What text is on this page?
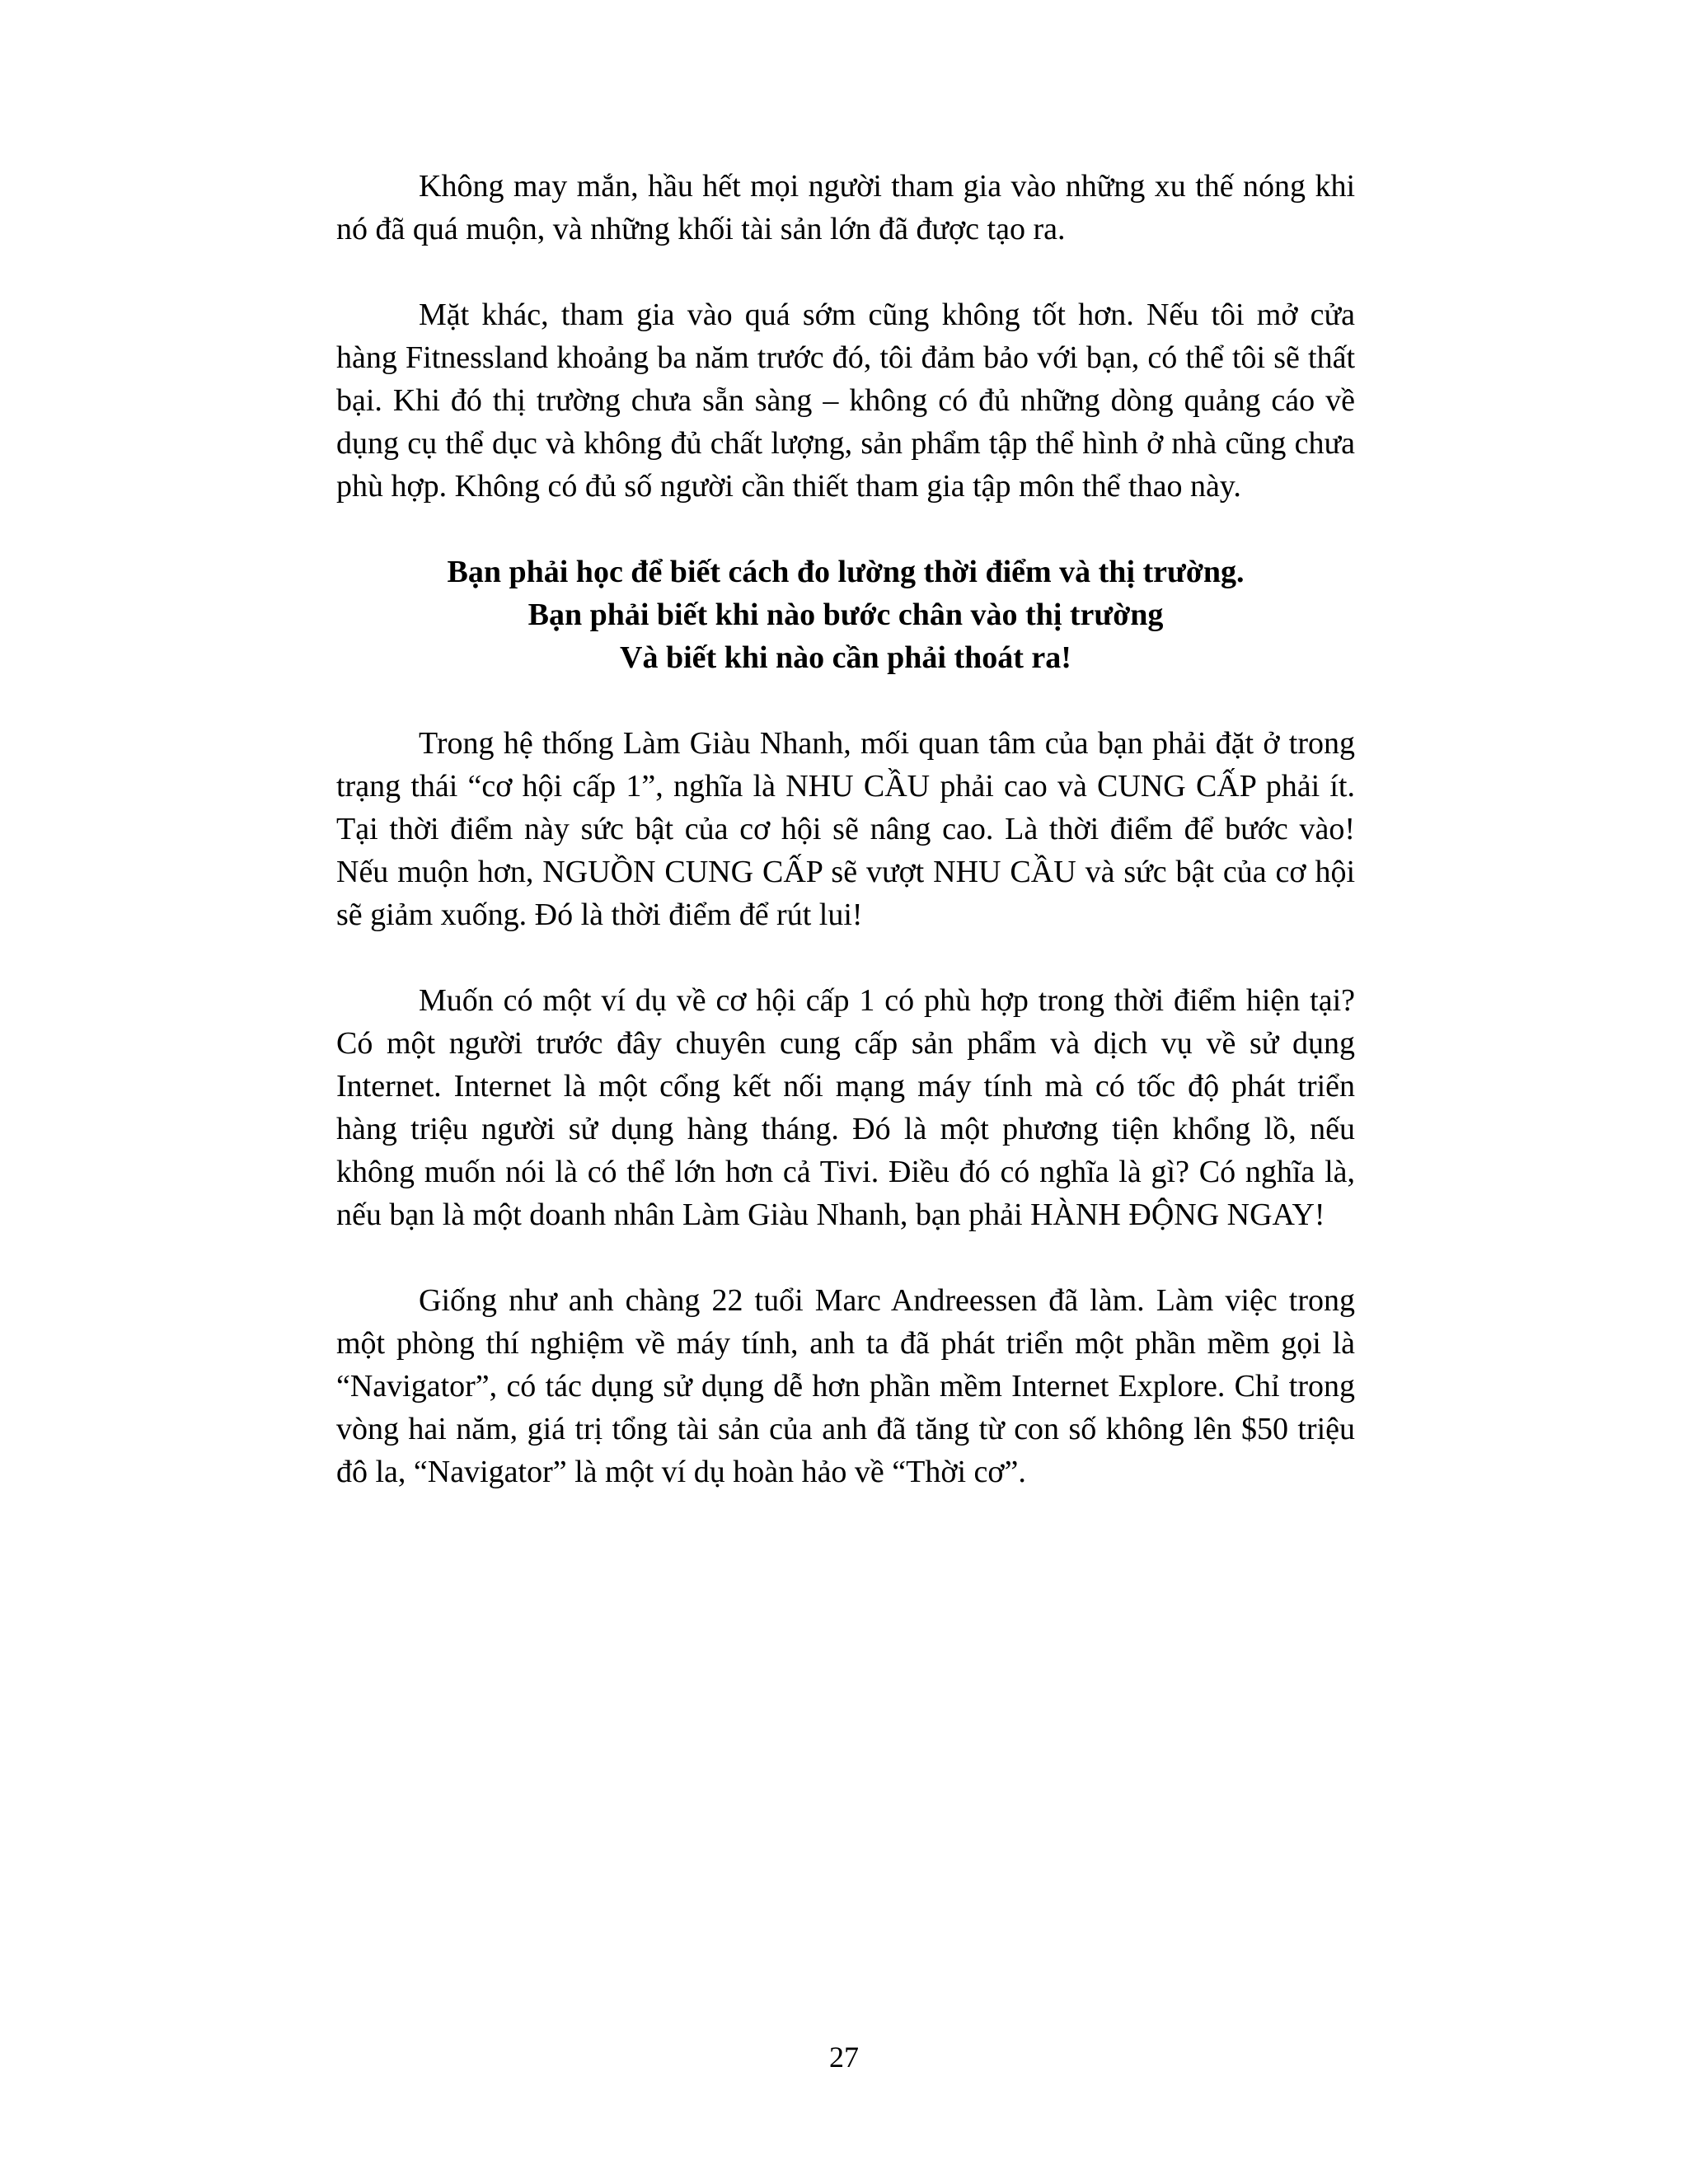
Không may mắn, hầu hết mọi người tham gia vào những xu thế nóng khi nó đã quá muộn, và những khối tài sản lớn đã được tạo ra.

Mặt khác, tham gia vào quá sớm cũng không tốt hơn. Nếu tôi mở cửa hàng Fitnessland khoảng ba năm trước đó, tôi đảm bảo với bạn, có thể tôi sẽ thất bại. Khi đó thị trường chưa sẵn sàng – không có đủ những dòng quảng cáo về dụng cụ thể dục và không đủ chất lượng, sản phẩm tập thể hình ở nhà cũng chưa phù hợp. Không có đủ số người cần thiết tham gia tập môn thể thao này.

Bạn phải học để biết cách đo lường thời điểm và thị trường.
Bạn phải biết khi nào bước chân vào thị trường
Và biết khi nào cần phải thoát ra!

Trong hệ thống Làm Giàu Nhanh, mối quan tâm của bạn phải đặt ở trong trạng thái “cơ hội cấp 1”, nghĩa là NHU CẦU phải cao và CUNG CẤP phải ít. Tại thời điểm này sức bật của cơ hội sẽ nâng cao. Là thời điểm để bước vào! Nếu muộn hơn, NGUỒN CUNG CẤP sẽ vượt NHU CẦU và sức bật của cơ hội sẽ giảm xuống. Đó là thời điểm để rút lui!

Muốn có một ví dụ về cơ hội cấp 1 có phù hợp trong thời điểm hiện tại? Có một người trước đây chuyên cung cấp sản phẩm và dịch vụ về sử dụng Internet. Internet là một cổng kết nối mạng máy tính mà có tốc độ phát triển hàng triệu người sử dụng hàng tháng. Đó là một phương tiện khổng lồ, nếu không muốn nói là có thể lớn hơn cả Tivi. Điều đó có nghĩa là gì? Có nghĩa là, nếu bạn là một doanh nhân Làm Giàu Nhanh, bạn phải HÀNH ĐỘNG NGAY!

Giống như anh chàng 22 tuổi Marc Andreessen đã làm. Làm việc trong một phòng thí nghiệm về máy tính, anh ta đã phát triển một phần mềm gọi là “Navigator”, có tác dụng sử dụng dễ hơn phần mềm Internet Explore. Chỉ trong vòng hai năm, giá trị tổng tài sản của anh đã tăng từ con số không lên $50 triệu đô la, “Navigator” là một ví dụ hoàn hảo về “Thời cơ”.

27
